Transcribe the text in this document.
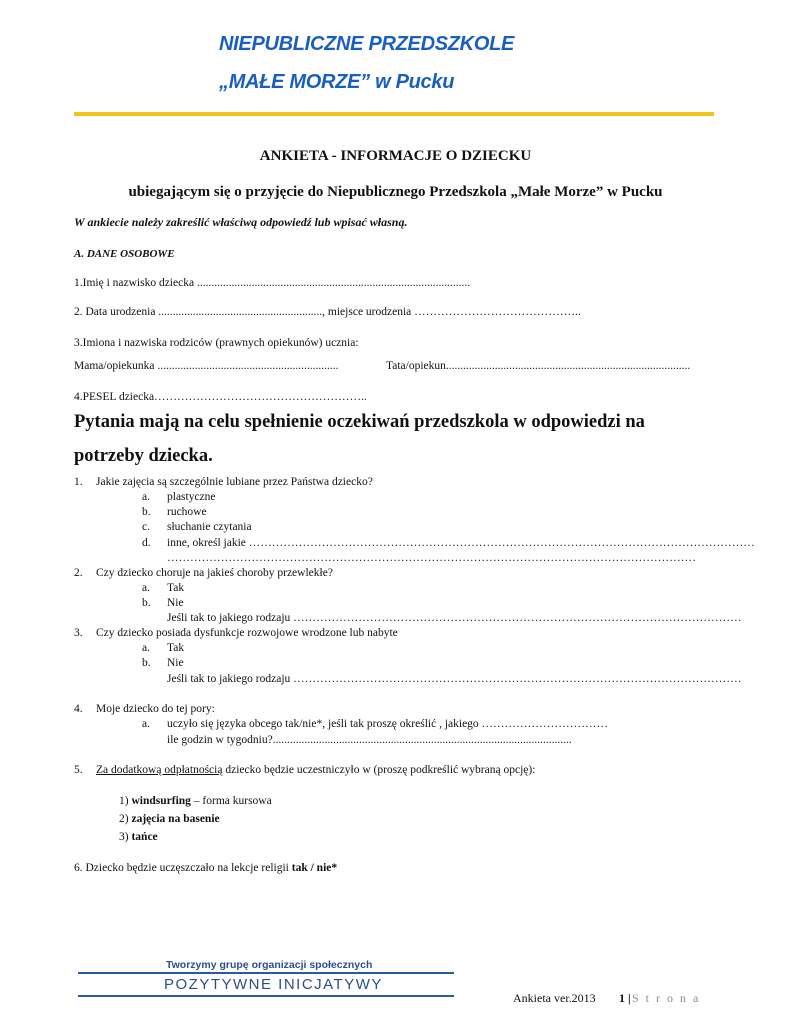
NIEPUBLICZNE PRZEDSZKOLE
„MAŁE MORZE” w Pucku
ANKIETA - INFORMACJE O DZIECKU
ubiegającym się o przyjęcie do Niepublicznego Przedszkola „Małe Morze” w Pucku
W ankiecie należy zakreślić właściwą odpowiedź lub wpisać własną.
A. DANE OSOBOWE
1.Imię i nazwisko dziecka ...............................................................................................
2. Data urodzenia ........................................................., miejsce urodzenia ……………………………………..
3.Imiona i nazwiska rodziców (prawnych opiekunów) ucznia:
Mama/opiekunka ...............................................................	Tata/opiekun.....................................................................................
4.PESEL dziecka………………………………………………..
Pytania mają na celu spełnienie oczekiwań przedszkola w odpowiedzi na
potrzeby dziecka.
1. Jakie zajęcia są szczególnie lubiane przez Państwa dziecko?
a. plastyczne
b. ruchowe
c. słuchanie czytania
d. inne, określ jakie ……………………………………………………………………………………………………………………
…………………………………………………………………………………………………………………………
2. Czy dziecko choruje na jakieś choroby przewlekłe?
a. Tak
b. Nie
Jeśli tak to jakiego rodzaju ………………………………………………………………………………………………………
3. Czy dziecko posiada dysfunkcje rozwojowe wrodzone lub nabyte
a. Tak
b. Nie
Jeśli tak to jakiego rodzaju ………………………………………………………………………………………………………
4. Moje dziecko do tej pory:
a. uczyło się języka obcego tak/nie*, jeśli tak proszę określić , jakiego ……………………………
ile godzin w tygodniu?........................................................................................................
5. Za dodatkową odpłatnością dziecko będzie uczestniczyło w (proszę podkreślić wybraną opcję):
1) windsurfing – forma kursowa
2) zajęcia na basenie
3) tańce
6. Dziecko będzie uczęszczało na lekcje religii tak / nie*
Tworzymy grupę organizacji społecznych
POZYTYWNE INICJATYWY
Ankieta ver.2013 1 | S t r o n a
